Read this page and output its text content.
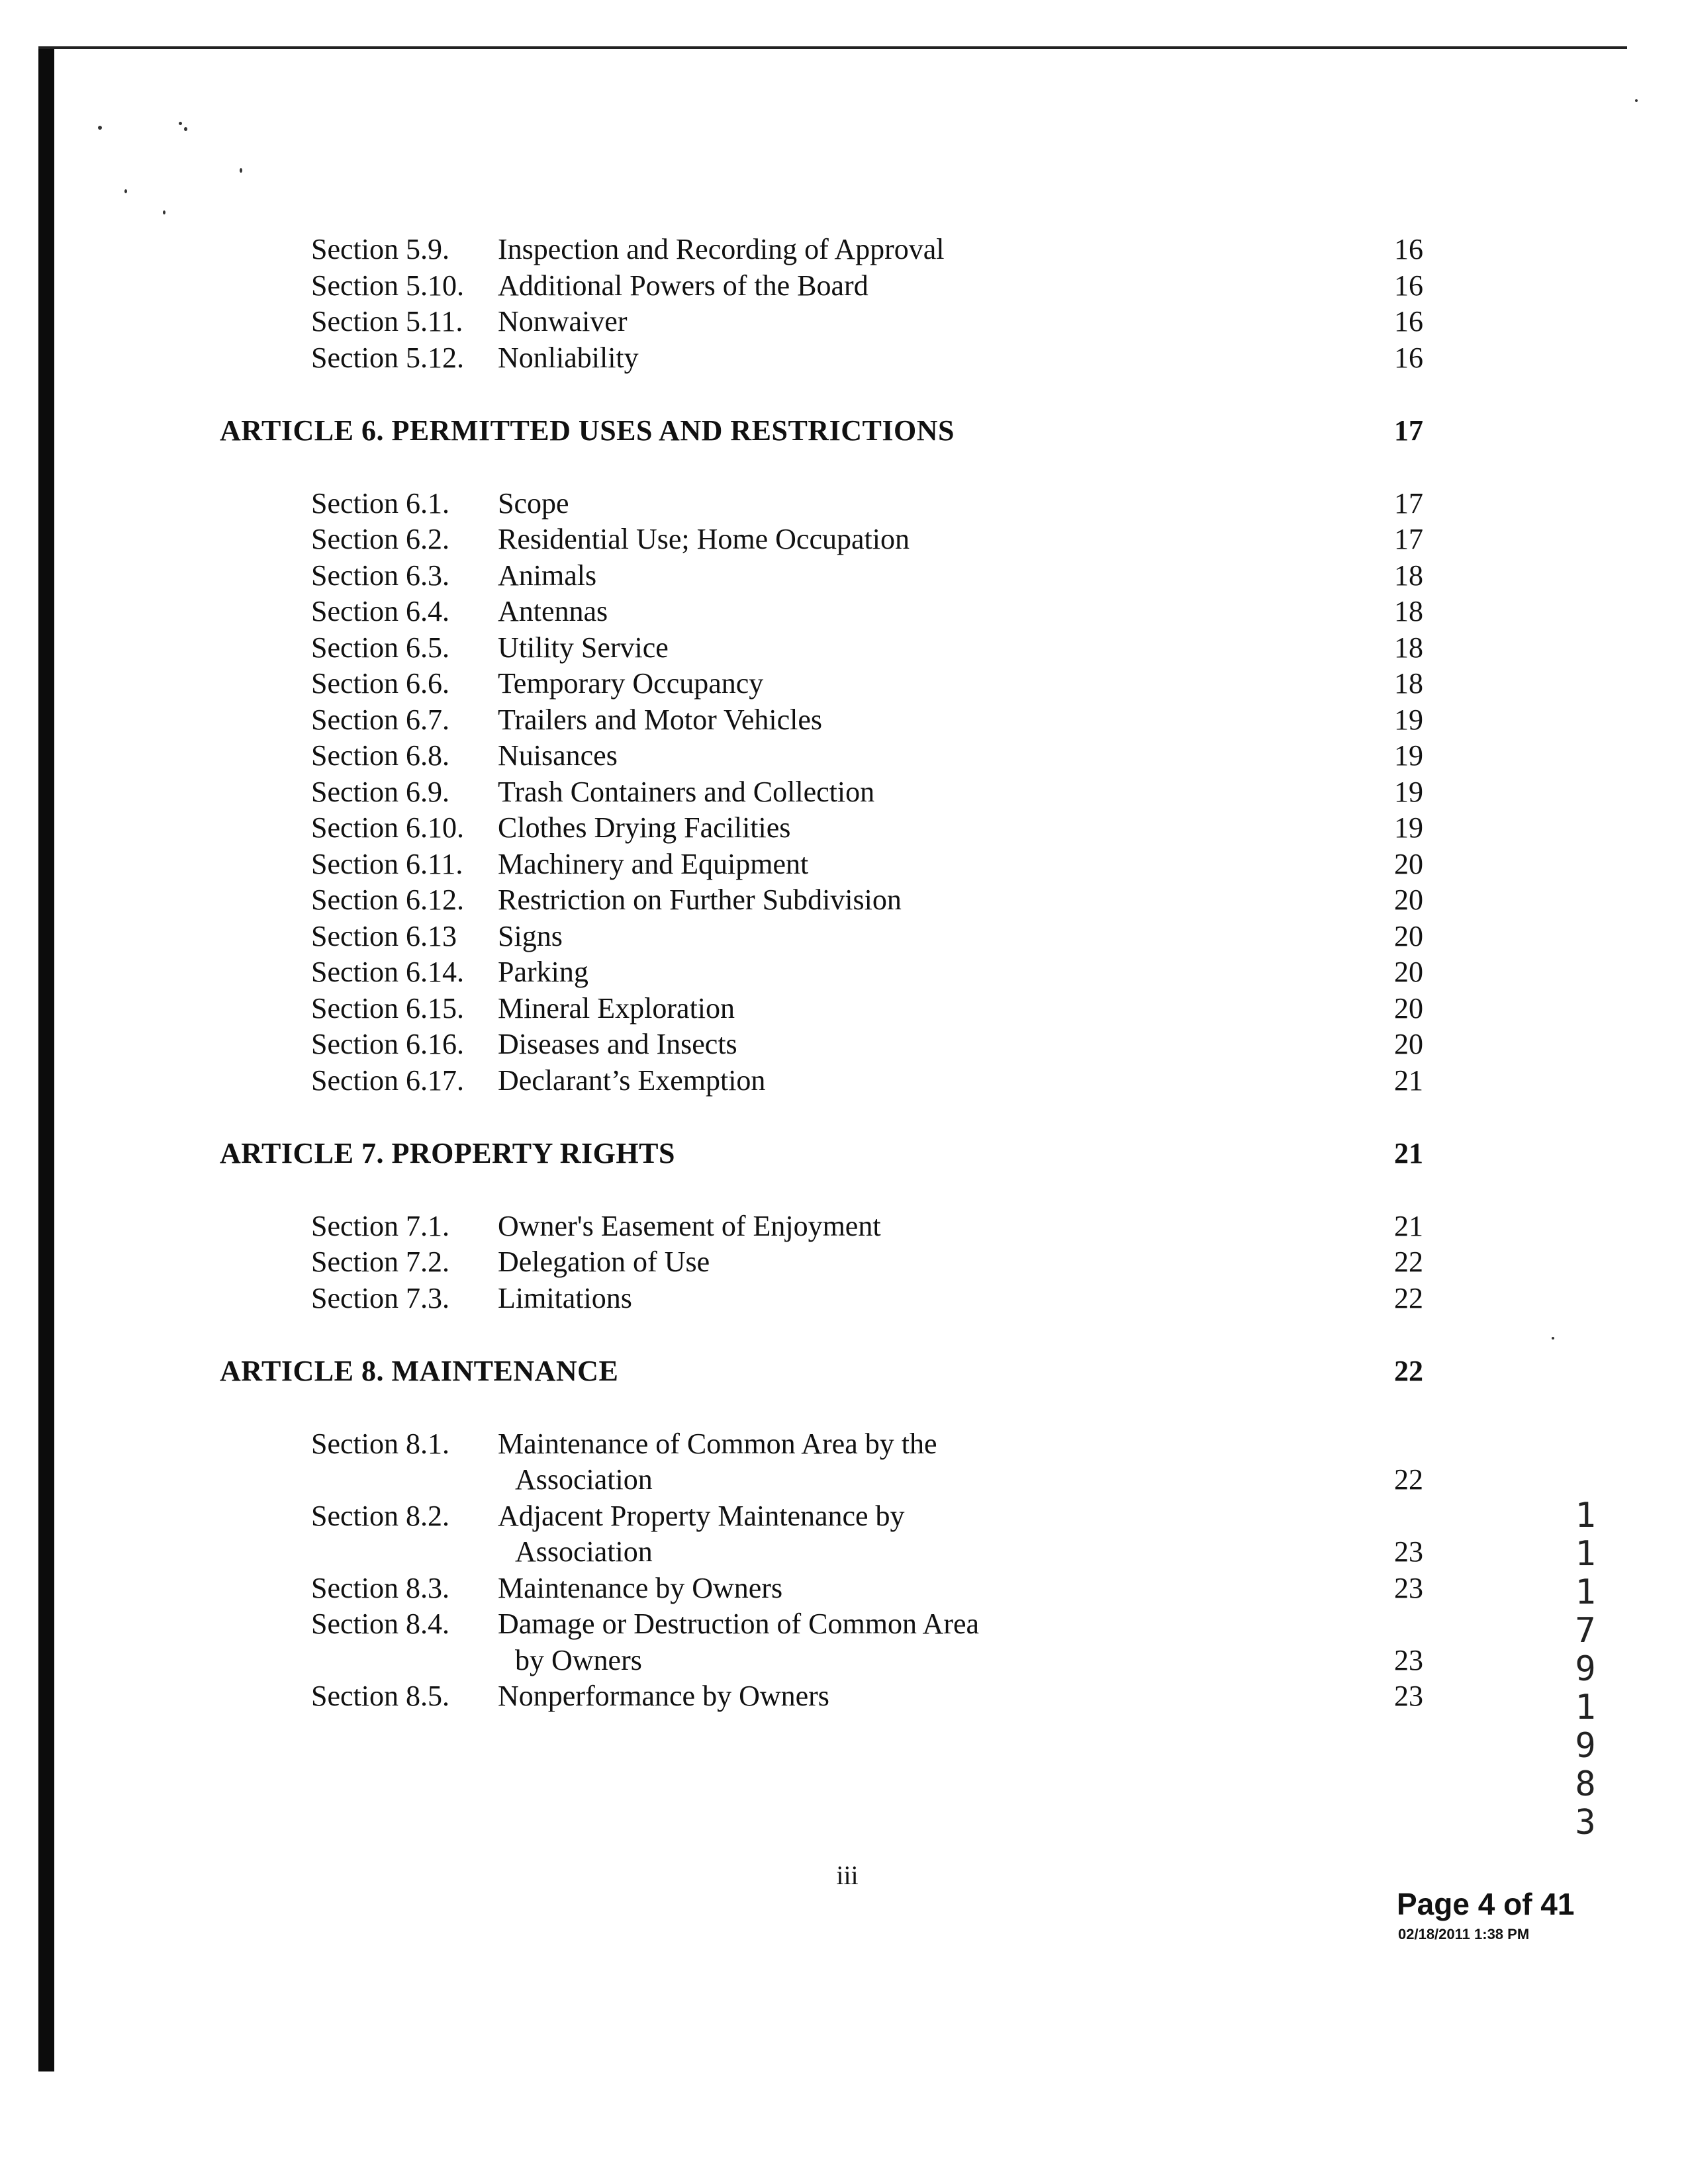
Section 5.9. Inspection and Recording of Approval	16
Section 5.10. Additional Powers of the Board	16
Section 5.11. Nonwaiver	16
Section 5.12. Nonliability	16
ARTICLE 6. PERMITTED USES AND RESTRICTIONS	17
Section 6.1. Scope	17
Section 6.2. Residential Use; Home Occupation	17
Section 6.3. Animals	18
Section 6.4. Antennas	18
Section 6.5. Utility Service	18
Section 6.6. Temporary Occupancy	18
Section 6.7. Trailers and Motor Vehicles	19
Section 6.8. Nuisances	19
Section 6.9. Trash Containers and Collection	19
Section 6.10. Clothes Drying Facilities	19
Section 6.11. Machinery and Equipment	20
Section 6.12. Restriction on Further Subdivision	20
Section 6.13 Signs	20
Section 6.14. Parking	20
Section 6.15. Mineral Exploration	20
Section 6.16. Diseases and Insects	20
Section 6.17. Declarant’s Exemption	21
ARTICLE 7. PROPERTY RIGHTS	21
Section 7.1. Owner's Easement of Enjoyment	21
Section 7.2. Delegation of Use	22
Section 7.3. Limitations	22
ARTICLE 8. MAINTENANCE	22
Section 8.1. Maintenance of Common Area by the
Association	22
Section 8.2. Adjacent Property Maintenance by
Association	23
Section 8.3. Maintenance by Owners	23
Section 8.4. Damage or Destruction of Common Area
by Owners	23
Section 8.5. Nonperformance by Owners	23
iii
Page 4 of 41
02/18/2011 1:38 PM
1
1
1
7
9
1
9
8
3
